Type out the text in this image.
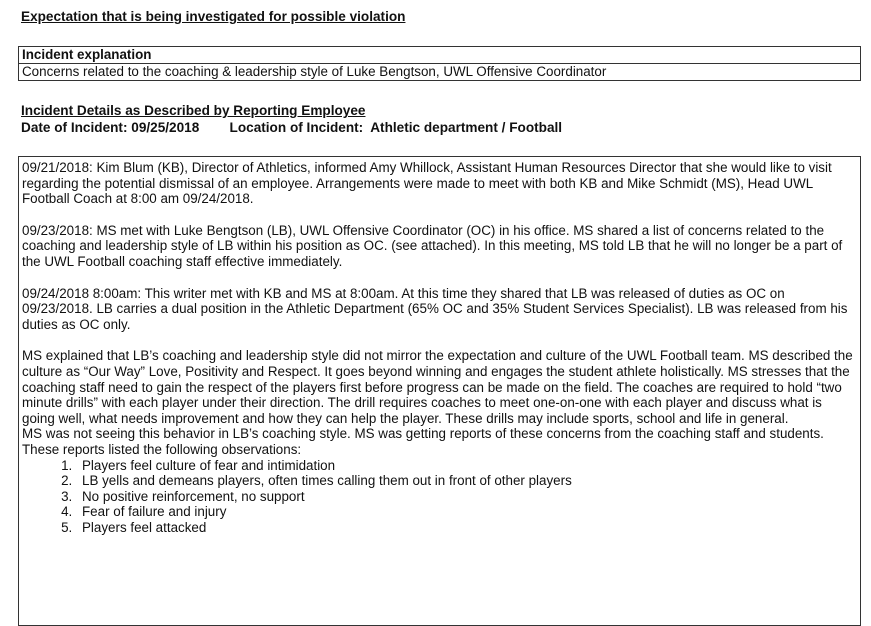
Expectation that is being investigated for possible violation
Incident explanation
Concerns related to the coaching & leadership style of Luke Bengtson, UWL Offensive Coordinator
Incident Details as Described by Reporting Employee
Date of Incident: 09/25/2018 Location of Incident:  Athletic department / Football

09/21/2018: Kim Blum (KB), Director of Athletics, informed Amy Whillock, Assistant Human Resources Director that she would like to visit regarding the potential dismissal of an employee. Arrangements were made to meet with both KB and Mike Schmidt (MS), Head UWL Football Coach at 8:00 am 09/24/2018.

09/23/2018: MS met with Luke Bengtson (LB), UWL Offensive Coordinator (OC) in his office. MS shared a list of concerns related to the coaching and leadership style of LB within his position as OC. (see attached). In this meeting, MS told LB that he will no longer be a part of the UWL Football coaching staff effective immediately.

09/24/2018 8:00am: This writer met with KB and MS at 8:00am. At this time they shared that LB was released of duties as OC on 09/23/2018. LB carries a dual position in the Athletic Department (65% OC and 35% Student Services Specialist). LB was released from his duties as OC only.

MS explained that LB’s coaching and leadership style did not mirror the expectation and culture of the UWL Football team. MS described the culture as “Our Way” Love, Positivity and Respect. It goes beyond winning and engages the student athlete holistically. MS stresses that the coaching staff need to gain the respect of the players first before progress can be made on the field. The coaches are required to hold “two minute drills” with each player under their direction. The drill requires coaches to meet one-on-one with each player and discuss what is going well, what needs improvement and how they can help the player. These drills may include sports, school and life in general.

MS was not seeing this behavior in LB’s coaching style. MS was getting reports of these concerns from the coaching staff and students. These reports listed the following observations:

1. Players feel culture of fear and intimidation
2. LB yells and demeans players, often times calling them out in front of other players
3. No positive reinforcement, no support
4. Fear of failure and injury
5. Players feel attacked
